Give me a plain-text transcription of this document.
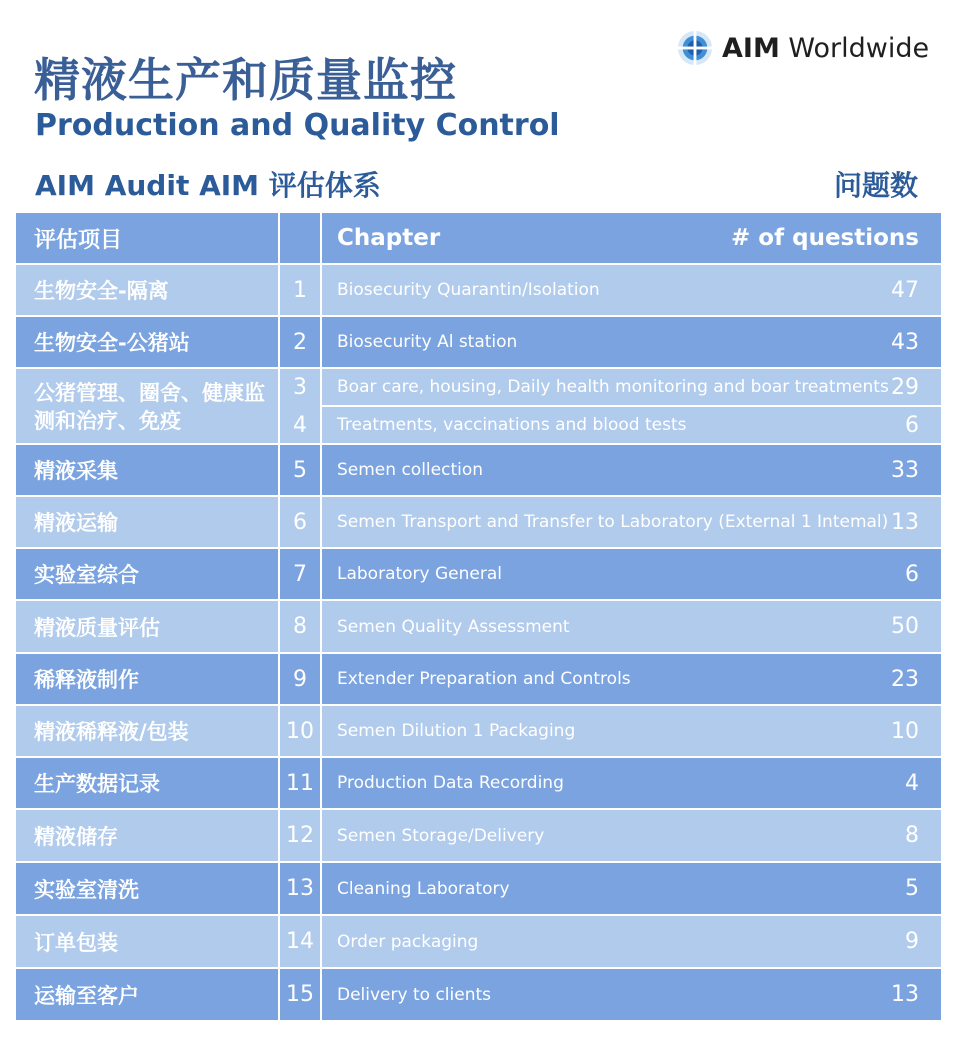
精液生产和质量监控
Production and Quality Control
AIM Worldwide
AIM Audit AIM 评估体系	问题数
评估项目	Chapter	# of questions
生物安全-隔离	1	Biosecurity Quarantin/Isolation	47
生物安全-公猪站	2	Biosecurity Al station	43
公猪管理、圈舍、健康监测和治疗、免疫
3	Boar care, housing, Daily health monitoring and boar treatments 29
4	Treatments, vaccinations and blood tests	6
精液采集	5	Semen collection	33
精液运输	6	Semen Transport and Transfer to Laboratory (External 1 Intemal) 13
实验室综合	7	Laboratory General	6
精液质量评估	8	Semen Quality Assessment	50
稀释液制作	9	Extender Preparation and Controls	23
精液稀释液/包装	10	Semen Dilution 1 Packaging	10
生产数据记录	11	Production Data Recording	4
精液储存	12	Semen Storage/Delivery	8
实验室清洗	13	Cleaning Laboratory	5
订单包装	14	Order packaging	9
运输至客户	15	Delivery to clients	13
